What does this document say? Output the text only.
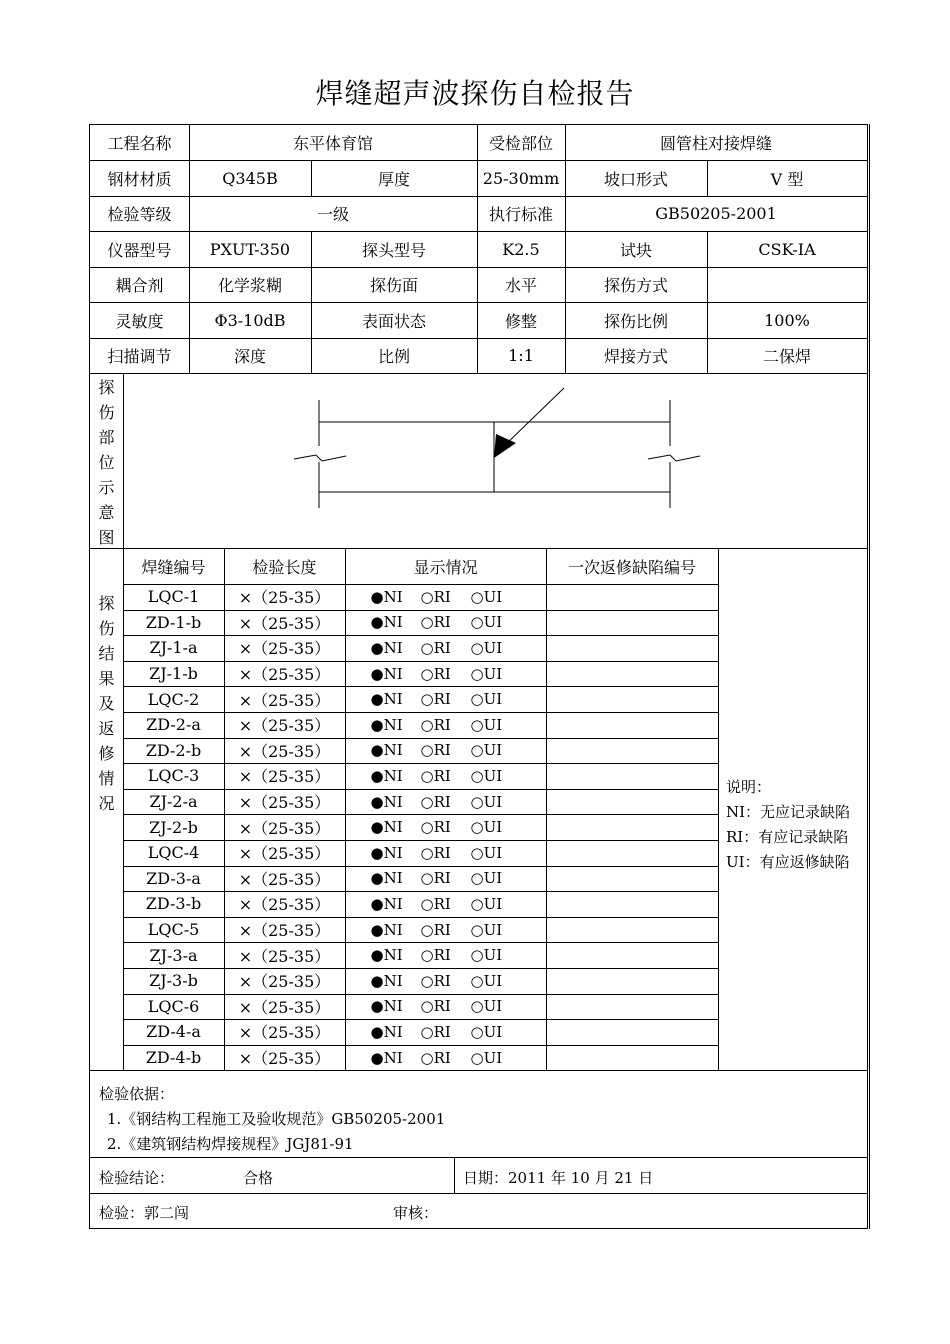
焊缝超声波探伤自检报告
说明：
NI：无应记录缺陷
RI：有应记录缺陷
UI：有应返修缺陷
检验依据：
1.《钢结构工程施工及验收规范》GB50205-2001
2.《建筑钢结构焊接规程》JGJ81-91
检验结论：	合格	日期：2011 年 10 月 21 日
检验：郭二闯	审核：
工程名称	东平体育馆	受检部位	圆管柱对接焊缝
钢材材质	Q345B	厚度	25-30mm	坡口形式	V 型
检验等级	一级	执行标准	GB50205-2001
仪器型号	PXUT-350	探头型号	K2.5	试块	CSK-IA
耦合剂	化学浆糊	探伤面	水平	探伤方式
灵敏度	Φ3-10dB	表面状态	修整	探伤比例	100%
扫描调节	深度	比例	1:1	焊接方式	二保焊
探
伤
部
位
示
意
图
焊缝编号	检验长度	显示情况	一次返修缺陷编号
探
伤
结
果
及
返
修
情
况
LQC-1	×（25-35）	●NI	○RI	○UI
ZD-1-b	×（25-35）	●NI	○RI	○UI
ZJ-1-a	×（25-35）	●NI	○RI	○UI
ZJ-1-b	×（25-35）	●NI	○RI	○UI
LQC-2	×（25-35）	●NI	○RI	○UI
ZD-2-a	×（25-35）	●NI	○RI	○UI
ZD-2-b	×（25-35）	●NI	○RI	○UI
LQC-3	×（25-35）	●NI	○RI	○UI
ZJ-2-a	×（25-35）	●NI	○RI	○UI
ZJ-2-b	×（25-35）	●NI	○RI	○UI
LQC-4	×（25-35）	●NI	○RI	○UI
ZD-3-a	×（25-35）	●NI	○RI	○UI
ZD-3-b	×（25-35）	●NI	○RI	○UI
LQC-5	×（25-35）	●NI	○RI	○UI
ZJ-3-a	×（25-35）	●NI	○RI	○UI
ZJ-3-b	×（25-35）	●NI	○RI	○UI
LQC-6	×（25-35）	●NI	○RI	○UI
ZD-4-a	×（25-35）	●NI	○RI	○UI
ZD-4-b	×（25-35）	●NI	○RI	○UI
